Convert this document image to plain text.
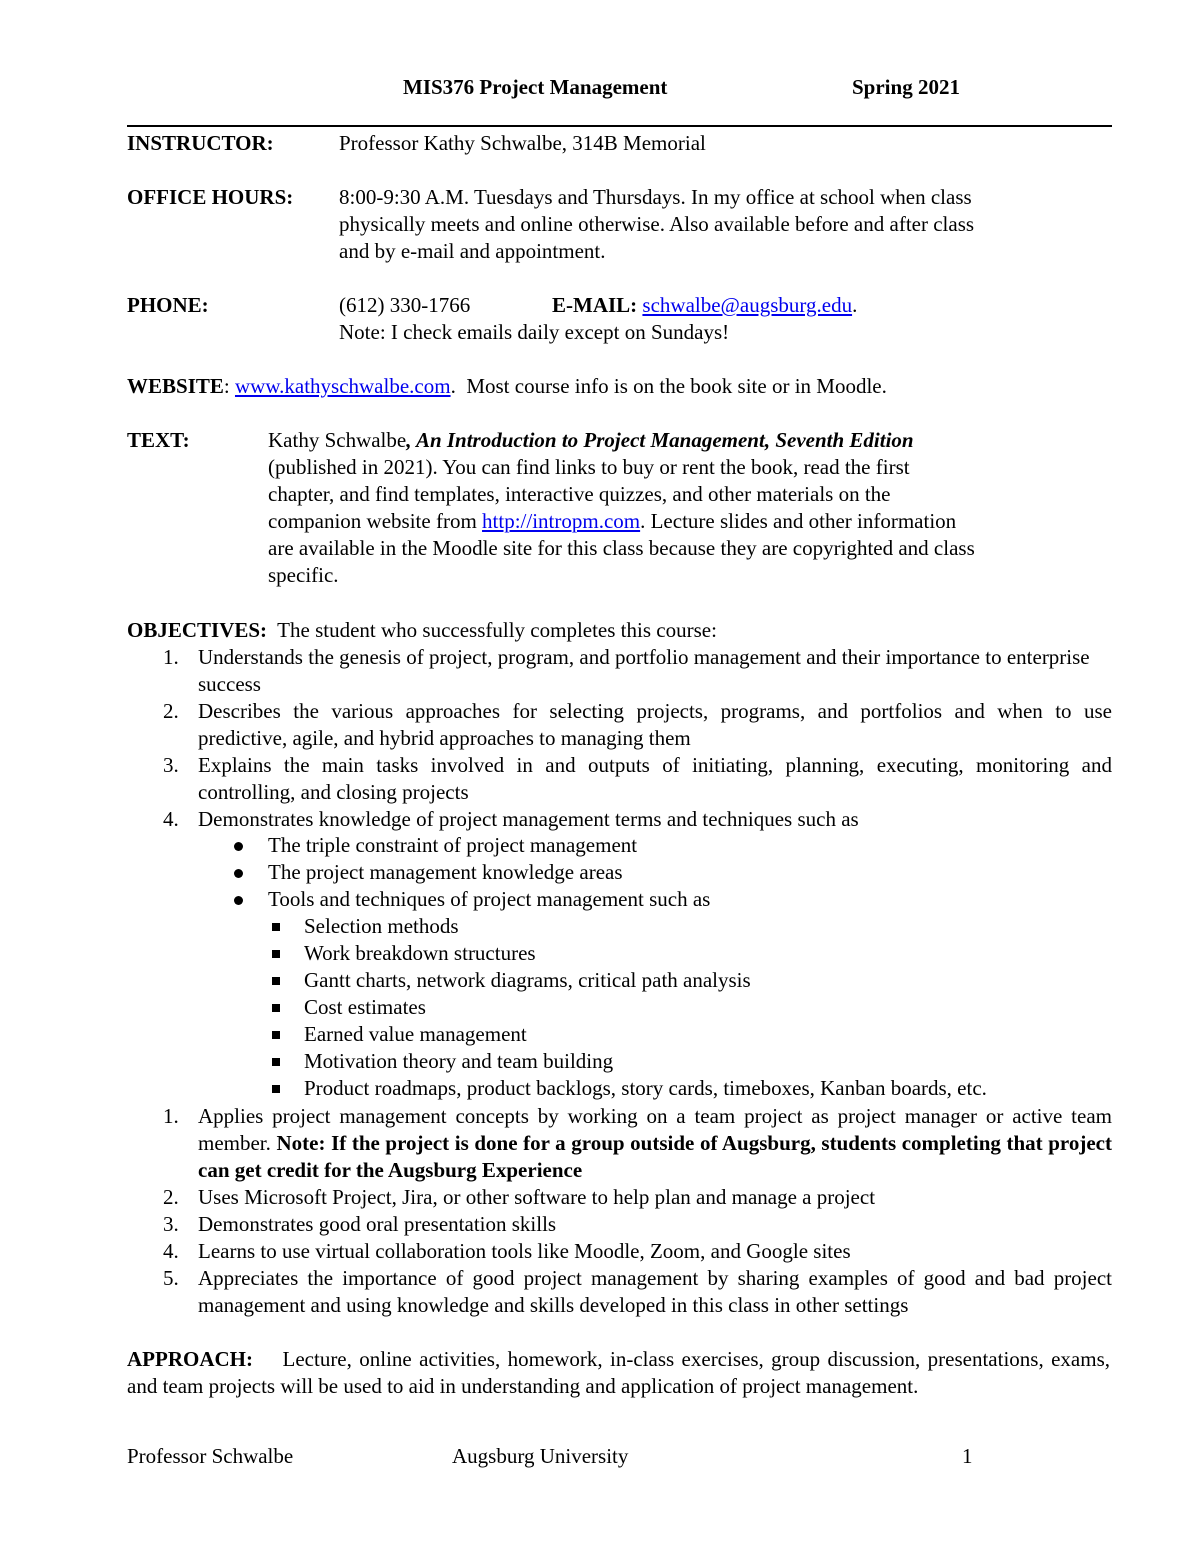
MIS376 Project Management	Spring 2021
INSTRUCTOR:	Professor Kathy Schwalbe, 314B Memorial
OFFICE HOURS: 8:00-9:30 A.M. Tuesdays and Thursdays. In my office at school when class
physically meets and online otherwise. Also available before and after class
and by e-mail and appointment.
PHONE:	(612) 330-1766	E-MAIL: schwalbe@augsburg.edu.
Note: I check emails daily except on Sundays!
WEBSITE: www.kathyschwalbe.com.  Most course info is on the book site or in Moodle.
TEXT:	Kathy Schwalbe, An Introduction to Project Management, Seventh Edition
(published in 2021). You can find links to buy or rent the book, read the first
chapter, and find templates, interactive quizzes, and other materials on the
companion website from http://intropm.com. Lecture slides and other information
are available in the Moodle site for this class because they are copyrighted and class
specific.
OBJECTIVES:  The student who successfully completes this course:
1. Understands the genesis of project, program, and portfolio management and their importance to enterprise success
2. Describes the various approaches for selecting projects, programs, and portfolios and when to use predictive, agile, and hybrid approaches to managing them
3. Explains the main tasks involved in and outputs of initiating, planning, executing, monitoring and controlling, and closing projects
4. Demonstrates knowledge of project management terms and techniques such as
The triple constraint of project management
The project management knowledge areas
Tools and techniques of project management such as
Selection methods
Work breakdown structures
Gantt charts, network diagrams, critical path analysis
Cost estimates
Earned value management
Motivation theory and team building
Product roadmaps, product backlogs, story cards, timeboxes, Kanban boards, etc.
1. Applies project management concepts by working on a team project as project manager or active team member. Note: If the project is done for a group outside of Augsburg, students completing that project can get credit for the Augsburg Experience
2. Uses Microsoft Project, Jira, or other software to help plan and manage a project
3. Demonstrates good oral presentation skills
4. Learns to use virtual collaboration tools like Moodle, Zoom, and Google sites
5. Appreciates the importance of good project management by sharing examples of good and bad project management and using knowledge and skills developed in this class in other settings
APPROACH:    Lecture, online activities, homework, in-class exercises, group discussion, presentations, exams, and team projects will be used to aid in understanding and application of project management.
Professor Schwalbe	Augsburg University	1
